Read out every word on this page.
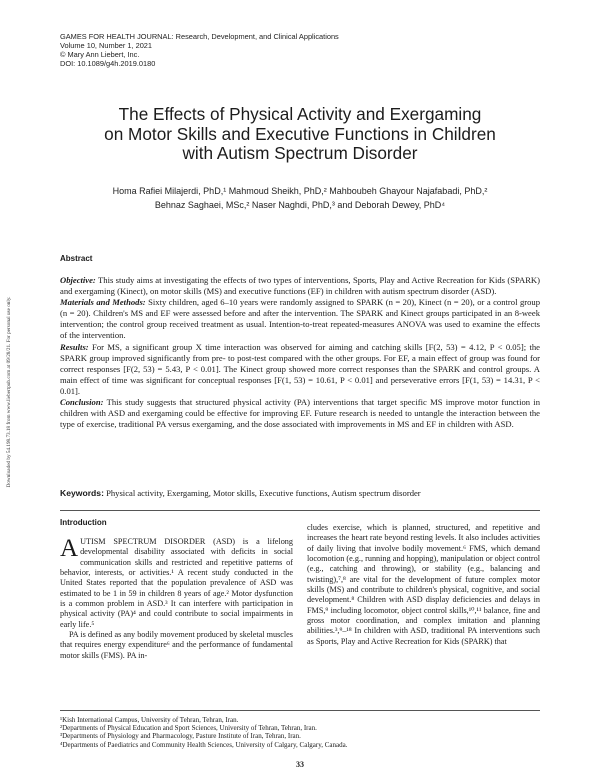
GAMES FOR HEALTH JOURNAL: Research, Development, and Clinical Applications
Volume 10, Number 1, 2021
© Mary Ann Liebert, Inc.
DOI: 10.1089/g4h.2019.0180
Downloaded by 54.198.73.18 from www.liebertpub.com at 09/28/21. For personal use only.
The Effects of Physical Activity and Exergaming
on Motor Skills and Executive Functions in Children
with Autism Spectrum Disorder
Homa Rafiei Milajerdi, PhD,¹ Mahmoud Sheikh, PhD,² Mahboubeh Ghayour Najafabadi, PhD,²
Behnaz Saghaei, MSc,² Naser Naghdi, PhD,³ and Deborah Dewey, PhD⁴
Abstract

Objective: This study aims at investigating the effects of two types of interventions, Sports, Play and Active Recreation for Kids (SPARK) and exergaming (Kinect), on motor skills (MS) and executive functions (EF) in children with autism spectrum disorder (ASD).

Materials and Methods: Sixty children, aged 6–10 years were randomly assigned to SPARK (n = 20), Kinect (n = 20), or a control group (n = 20). Children's MS and EF were assessed before and after the intervention. The SPARK and Kinect groups participated in an 8-week intervention; the control group received treatment as usual. Intention-to-treat repeated-measures ANOVA was used to examine the effects of the intervention.

Results: For MS, a significant group X time interaction was observed for aiming and catching skills [F(2, 53) = 4.12, P < 0.05]; the SPARK group improved significantly from pre- to post-test compared with the other groups. For EF, a main effect of group was found for correct responses [F(2, 53) = 5.43, P < 0.01]. The Kinect group showed more correct responses than the SPARK and control groups. A main effect of time was significant for conceptual responses [F(1, 53) = 10.61, P < 0.01] and perseverative errors [F(1, 53) = 14.31, P < 0.01].

Conclusion: This study suggests that structured physical activity (PA) interventions that target specific MS improve motor function in children with ASD and exergaming could be effective for improving EF. Future research is needed to untangle the interaction between the type of exercise, traditional PA versus exergaming, and the dose associated with improvements in MS and EF in children with ASD.

Keywords: Physical activity, Exergaming, Motor skills, Executive functions, Autism spectrum disorder
Introduction

AUTISM SPECTRUM DISORDER (ASD) is a lifelong developmental disability associated with deficits in social communication skills and restricted and repetitive patterns of behavior, interests, or activities.¹ A recent study conducted in the United States reported that the population prevalence of ASD was estimated to be 1 in 59 in children 8 years of age.² Motor dysfunction is a common problem in ASD.³ It can interfere with participation in physical activity (PA)⁴ and could contribute to social impairments in early life.⁵

PA is defined as any bodily movement produced by skeletal muscles that requires energy expenditure⁶ and the performance of fundamental motor skills (FMS). PA in-

cludes exercise, which is planned, structured, and repetitive and increases the heart rate beyond resting levels. It also includes activities of daily living that involve bodily movement.⁶ FMS, which demand locomotion (e.g., running and hopping), manipulation or object control (e.g., catching and throwing), or stability (e.g., balancing and twisting),⁷,⁸ are vital for the development of future complex motor skills (MS) and contribute to children's physical, cognitive, and social development.⁸ Children with ASD display deficiencies and delays in FMS,⁹ including locomotor, object control skills,¹⁰,¹¹ balance, fine and gross motor coordination, and complex imitation and planning abilities.³,⁹–¹⁸ In children with ASD, traditional PA interventions such as Sports, Play and Active Recreation for Kids (SPARK) that

¹Kish International Campus, University of Tehran, Tehran, Iran.
²Departments of Physical Education and Sport Sciences, University of Tehran, Tehran, Iran.
³Departments of Physiology and Pharmacology, Pasture Institute of Iran, Tehran, Iran.
⁴Departments of Paediatrics and Community Health Sciences, University of Calgary, Calgary, Canada.
33
